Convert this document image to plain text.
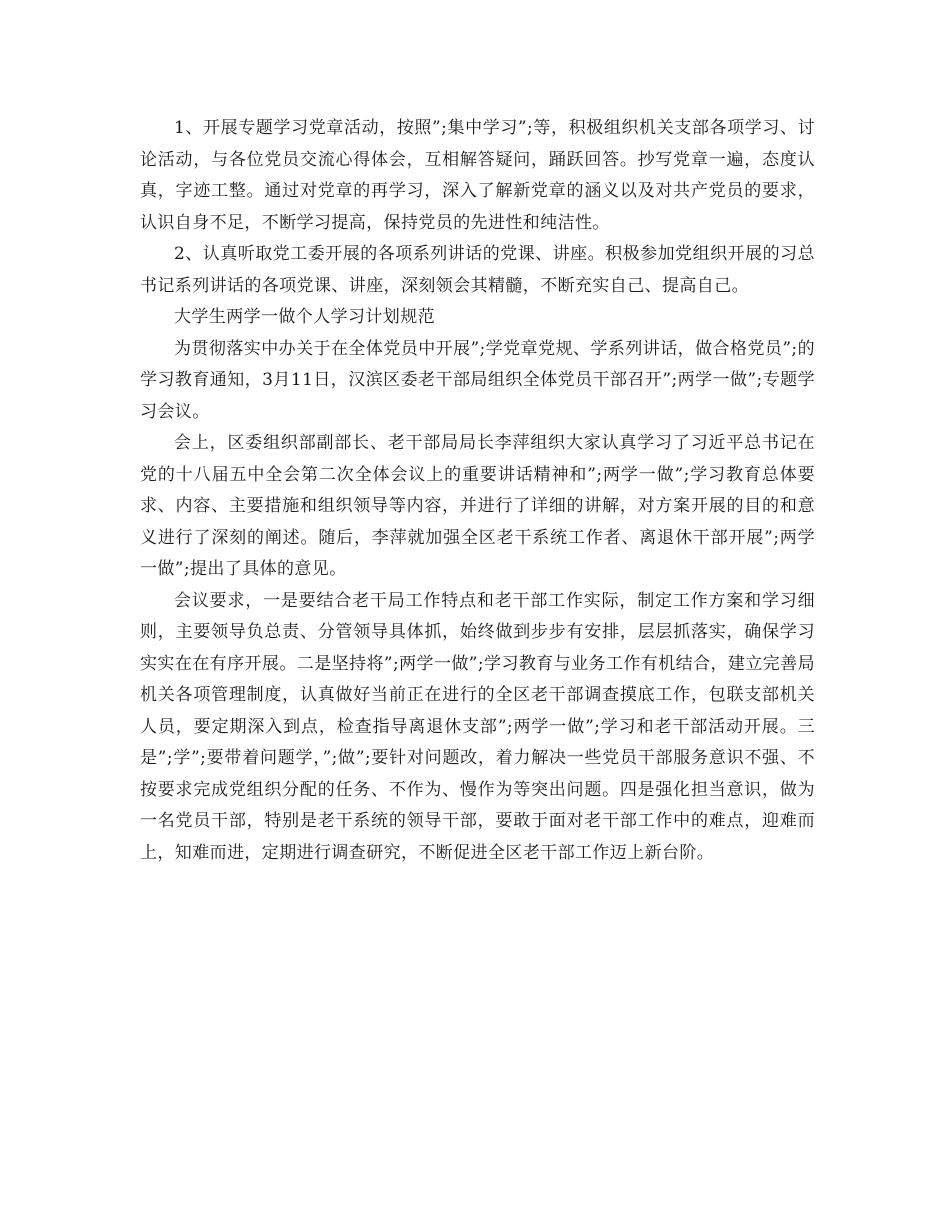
1、开展专题学习党章活动，按照”;集中学习”;等，积极组织机关支部各项学习、讨论活动，与各位党员交流心得体会，互相解答疑问，踊跃回答。抄写党章一遍，态度认真，字迹工整。通过对党章的再学习，深入了解新党章的涵义以及对共产党员的要求，认识自身不足，不断学习提高，保持党员的先进性和纯洁性。

2、认真听取党工委开展的各项系列讲话的党课、讲座。积极参加党组织开展的习总书记系列讲话的各项党课、讲座，深刻领会其精髓，不断充实自己、提高自己。

大学生两学一做个人学习计划规范

为贯彻落实中办关于在全体党员中开展”;学党章党规、学系列讲话，做合格党员”;的学习教育通知，3月11日，汉滨区委老干部局组织全体党员干部召开”;两学一做”;专题学习会议。

会上，区委组织部副部长、老干部局局长李萍组织大家认真学习了习近平总书记在党的十八届五中全会第二次全体会议上的重要讲话精神和”;两学一做”;学习教育总体要求、内容、主要措施和组织领导等内容，并进行了详细的讲解，对方案开展的目的和意义进行了深刻的阐述。随后，李萍就加强全区老干系统工作者、离退休干部开展”;两学一做”;提出了具体的意见。

会议要求，一是要结合老干局工作特点和老干部工作实际，制定工作方案和学习细则，主要领导负总责、分管领导具体抓，始终做到步步有安排，层层抓落实，确保学习实实在在有序开展。二是坚持将”;两学一做”;学习教育与业务工作有机结合，建立完善局机关各项管理制度，认真做好当前正在进行的全区老干部调查摸底工作，包联支部机关人员，要定期深入到点，检查指导离退休支部”;两学一做”;学习和老干部活动开展。三是”;学”;要带着问题学，”;做”;要针对问题改，着力解决一些党员干部服务意识不强、不按要求完成党组织分配的任务、不作为、慢作为等突出问题。四是强化担当意识，做为一名党员干部，特别是老干系统的领导干部，要敢于面对老干部工作中的难点，迎难而上，知难而进，定期进行调查研究，不断促进全区老干部工作迈上新台阶。
